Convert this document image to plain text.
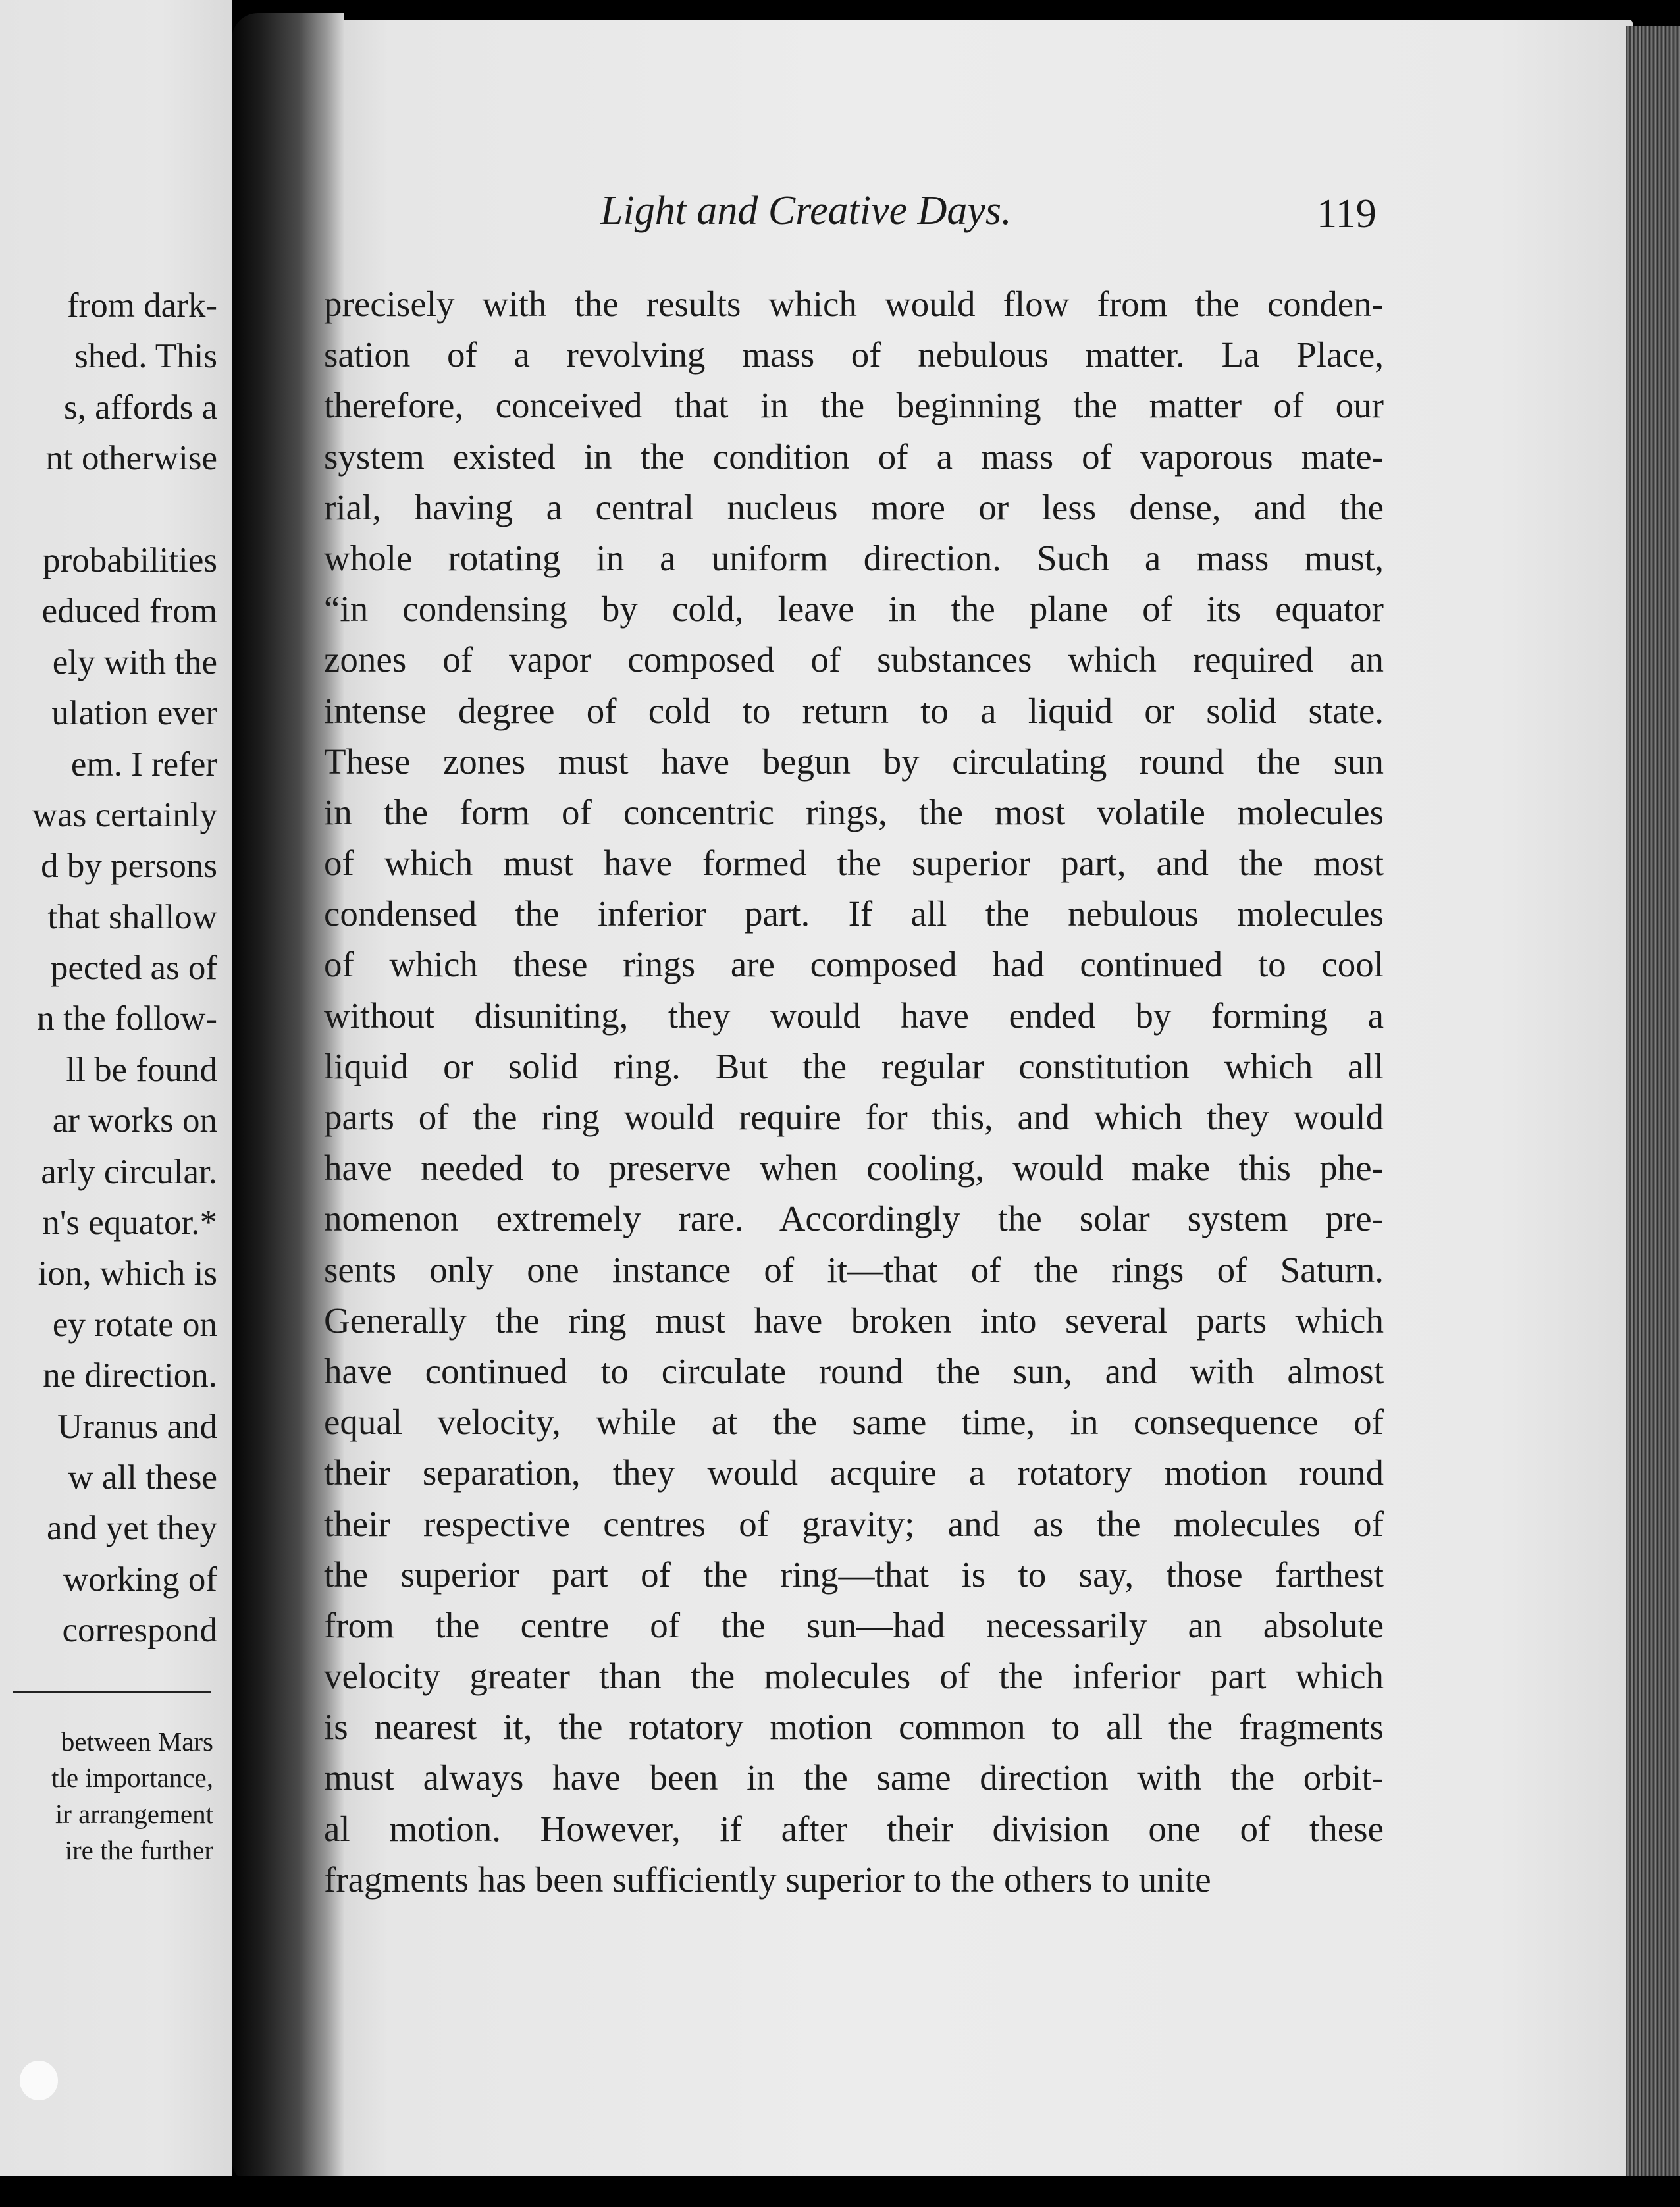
from dark-
shed. This
s, affords a
nt otherwise
probabilities
educed from
ely with the
ulation ever
em. I refer
was certainly
d by persons
that shallow
pected as of
n the follow-
ll be found
ar works on
arly circular.
n's equator.*
ion, which is
ey rotate on
ne direction.
Uranus and
w all these
and yet they
working of
correspond
between Mars
tle importance,
ir arrangement
ire the further
Light and Creative Days.	119
precisely with the results which would flow from the conden-
sation of a revolving mass of nebulous matter. La Place,
therefore, conceived that in the beginning the matter of our
system existed in the condition of a mass of vaporous mate-
rial, having a central nucleus more or less dense, and the
whole rotating in a uniform direction. Such a mass must,
“in condensing by cold, leave in the plane of its equator
zones of vapor composed of substances which required an
intense degree of cold to return to a liquid or solid state.
These zones must have begun by circulating round the sun
in the form of concentric rings, the most volatile molecules
of which must have formed the superior part, and the most
condensed the inferior part. If all the nebulous molecules
of which these rings are composed had continued to cool
without disuniting, they would have ended by forming a
liquid or solid ring. But the regular constitution which all
parts of the ring would require for this, and which they would
have needed to preserve when cooling, would make this phe-
nomenon extremely rare. Accordingly the solar system pre-
sents only one instance of it—that of the rings of Saturn.
Generally the ring must have broken into several parts which
have continued to circulate round the sun, and with almost
equal velocity, while at the same time, in consequence of
their separation, they would acquire a rotatory motion round
their respective centres of gravity; and as the molecules of
the superior part of the ring—that is to say, those farthest
from the centre of the sun—had necessarily an absolute
velocity greater than the molecules of the inferior part which
is nearest it, the rotatory motion common to all the fragments
must always have been in the same direction with the orbit-
al motion. However, if after their division one of these
fragments has been sufficiently superior to the others to unite
